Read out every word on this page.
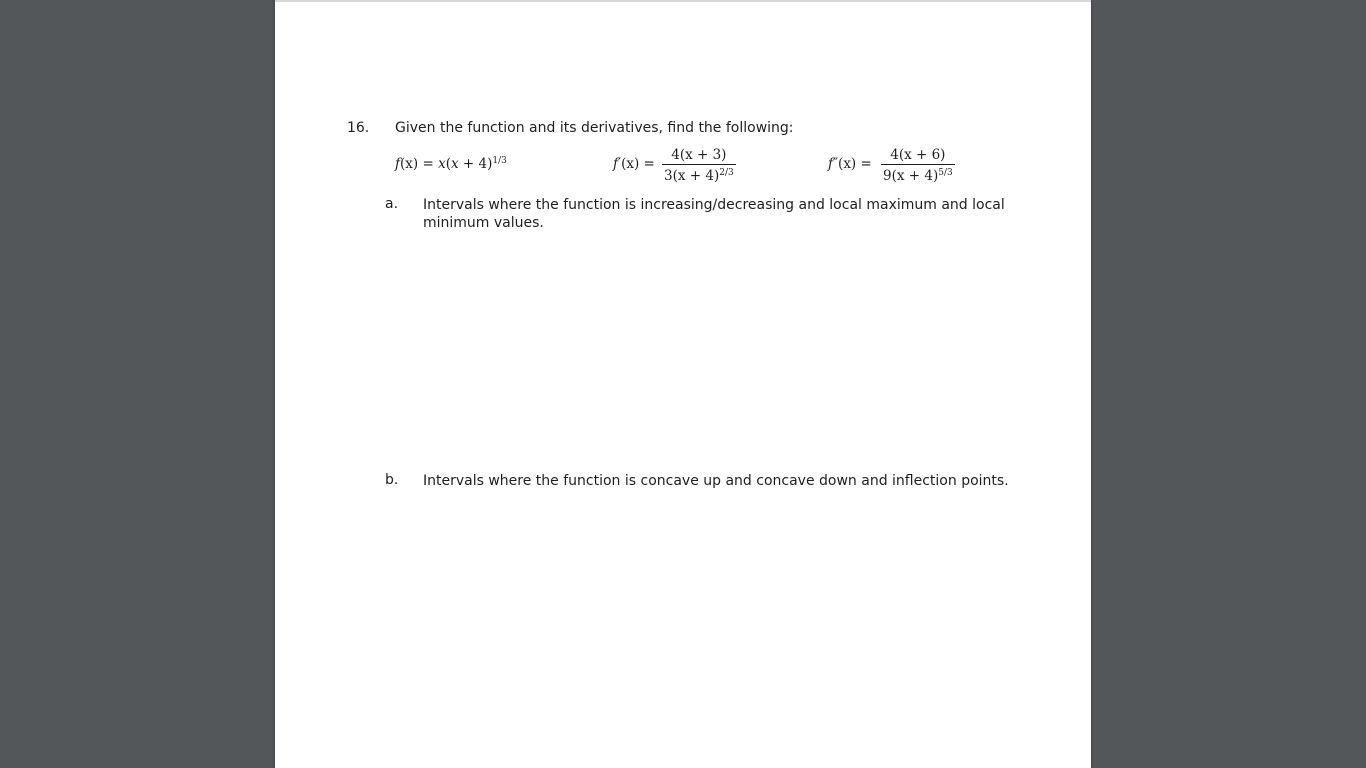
16. Given the function and its derivatives, find the following:
$f(x) = x(x + 4)^{1/3}$	f′(x) =
4(x + 3)
$3(x + 4)^{2/3}$
f″(x) =
4(x + 6)
$9(x + 4)^{5/3}$
a. Intervals where the function is increasing/decreasing and local maximum and local minimum values.
b. Intervals where the function is concave up and concave down and inflection points.
